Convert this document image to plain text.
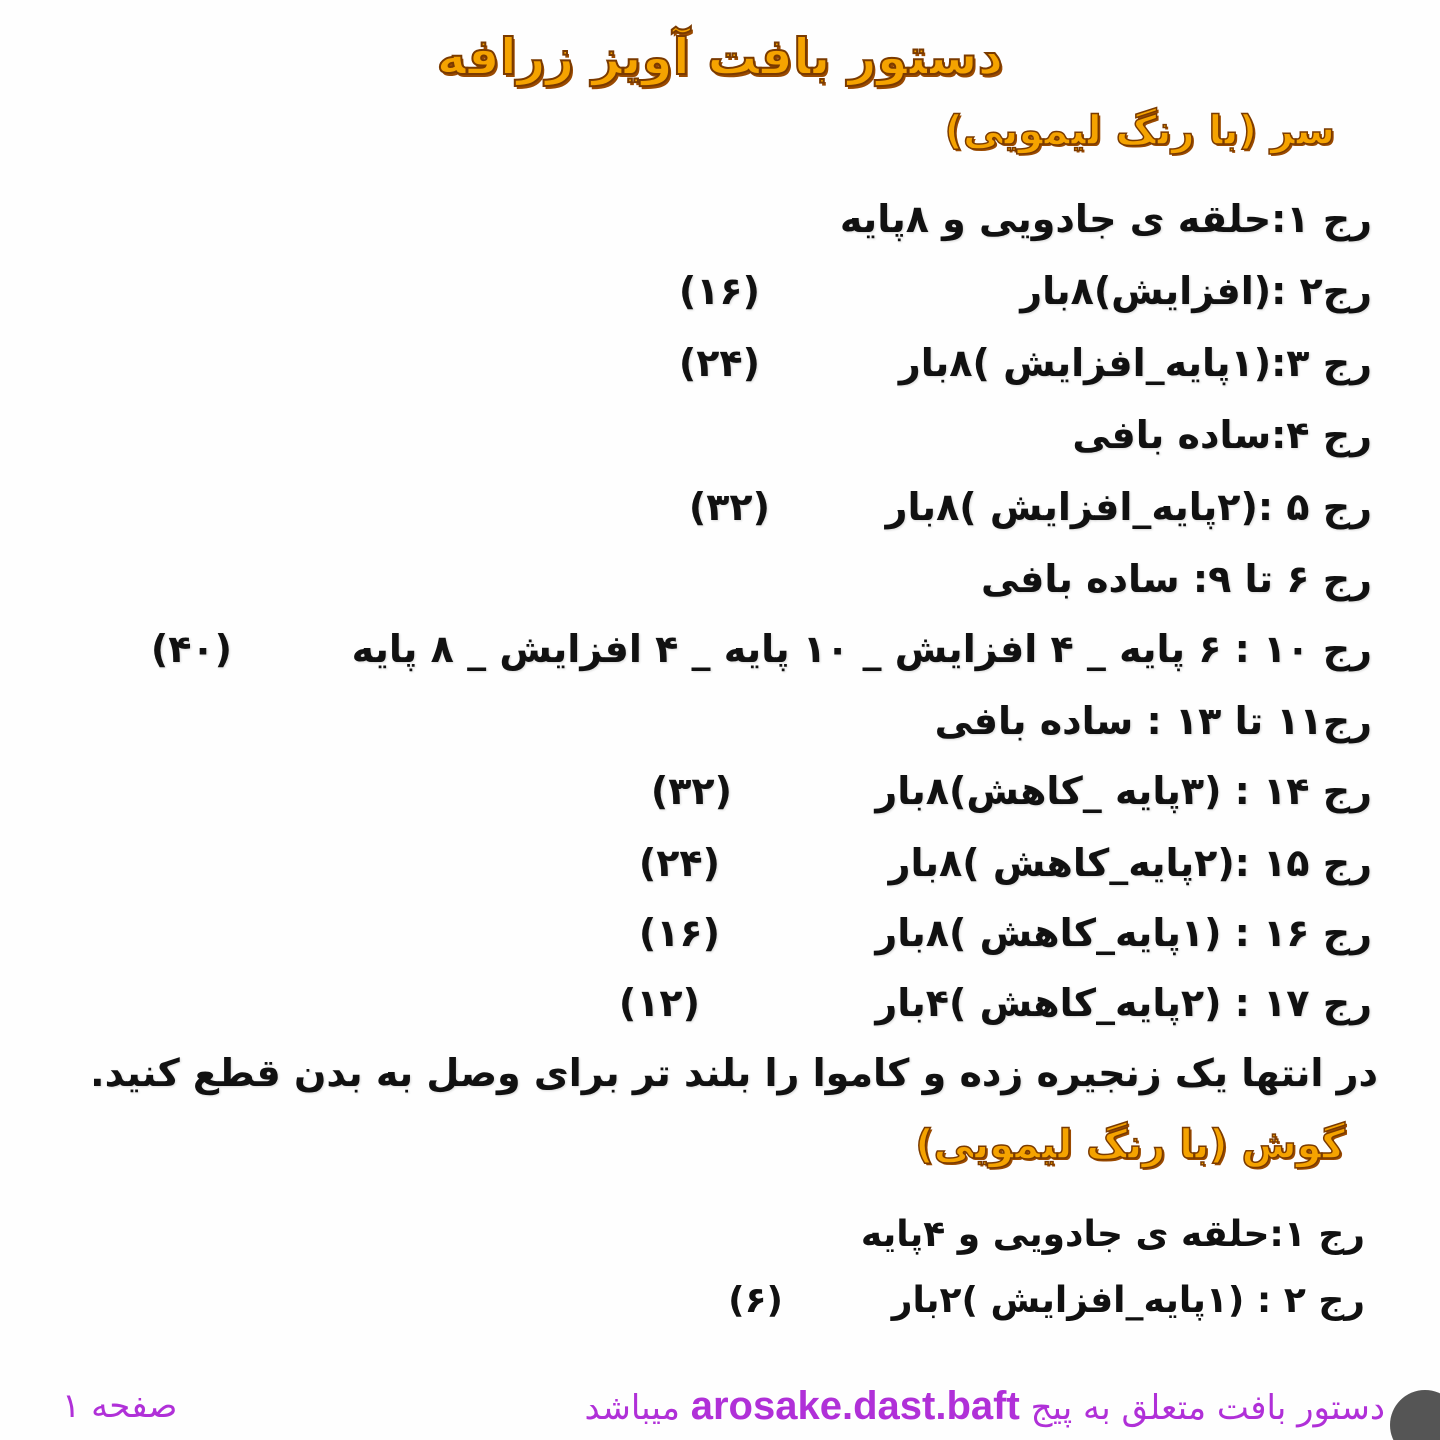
دستور بافت آویز زرافه
سر (با رنگ لیمویی)
رج ۱:حلقه ی جادویی و ۸پایه
رج۲ :(افزایش)۸بار
(۱۶)
رج ۳:(۱پایه_افزایش )۸بار
(۲۴)
رج ۴:ساده بافی
رج ۵ :(۲پایه_افزایش )۸بار
(۳۲)
رج ۶ تا ۹: ساده بافی
رج ۱۰ : ۶ پایه _ ۴ افزایش _ ۱۰ پایه _ ۴ افزایش _ ۸ پایه
(۴۰)
رج۱۱ تا ۱۳ : ساده بافی
رج ۱۴ : (۳پایه _کاهش)۸بار
(۳۲)
رج ۱۵ :(۲پایه_کاهش )۸بار
(۲۴)
رج ۱۶ : (۱پایه_کاهش )۸بار
(۱۶)
رج ۱۷ : (۲پایه_کاهش )۴بار
(۱۲)
در انتها یک زنجیره زده و کاموا را بلند تر برای وصل به بدن قطع کنید.
گوش (با رنگ لیمویی)
رج ۱:حلقه ی جادویی و ۴پایه
رج ۲ : (۱پایه_افزایش )۲بار
(۶)
دستور بافت متعلق به پیج arosake.dast.baft میباشد
صفحه ۱
